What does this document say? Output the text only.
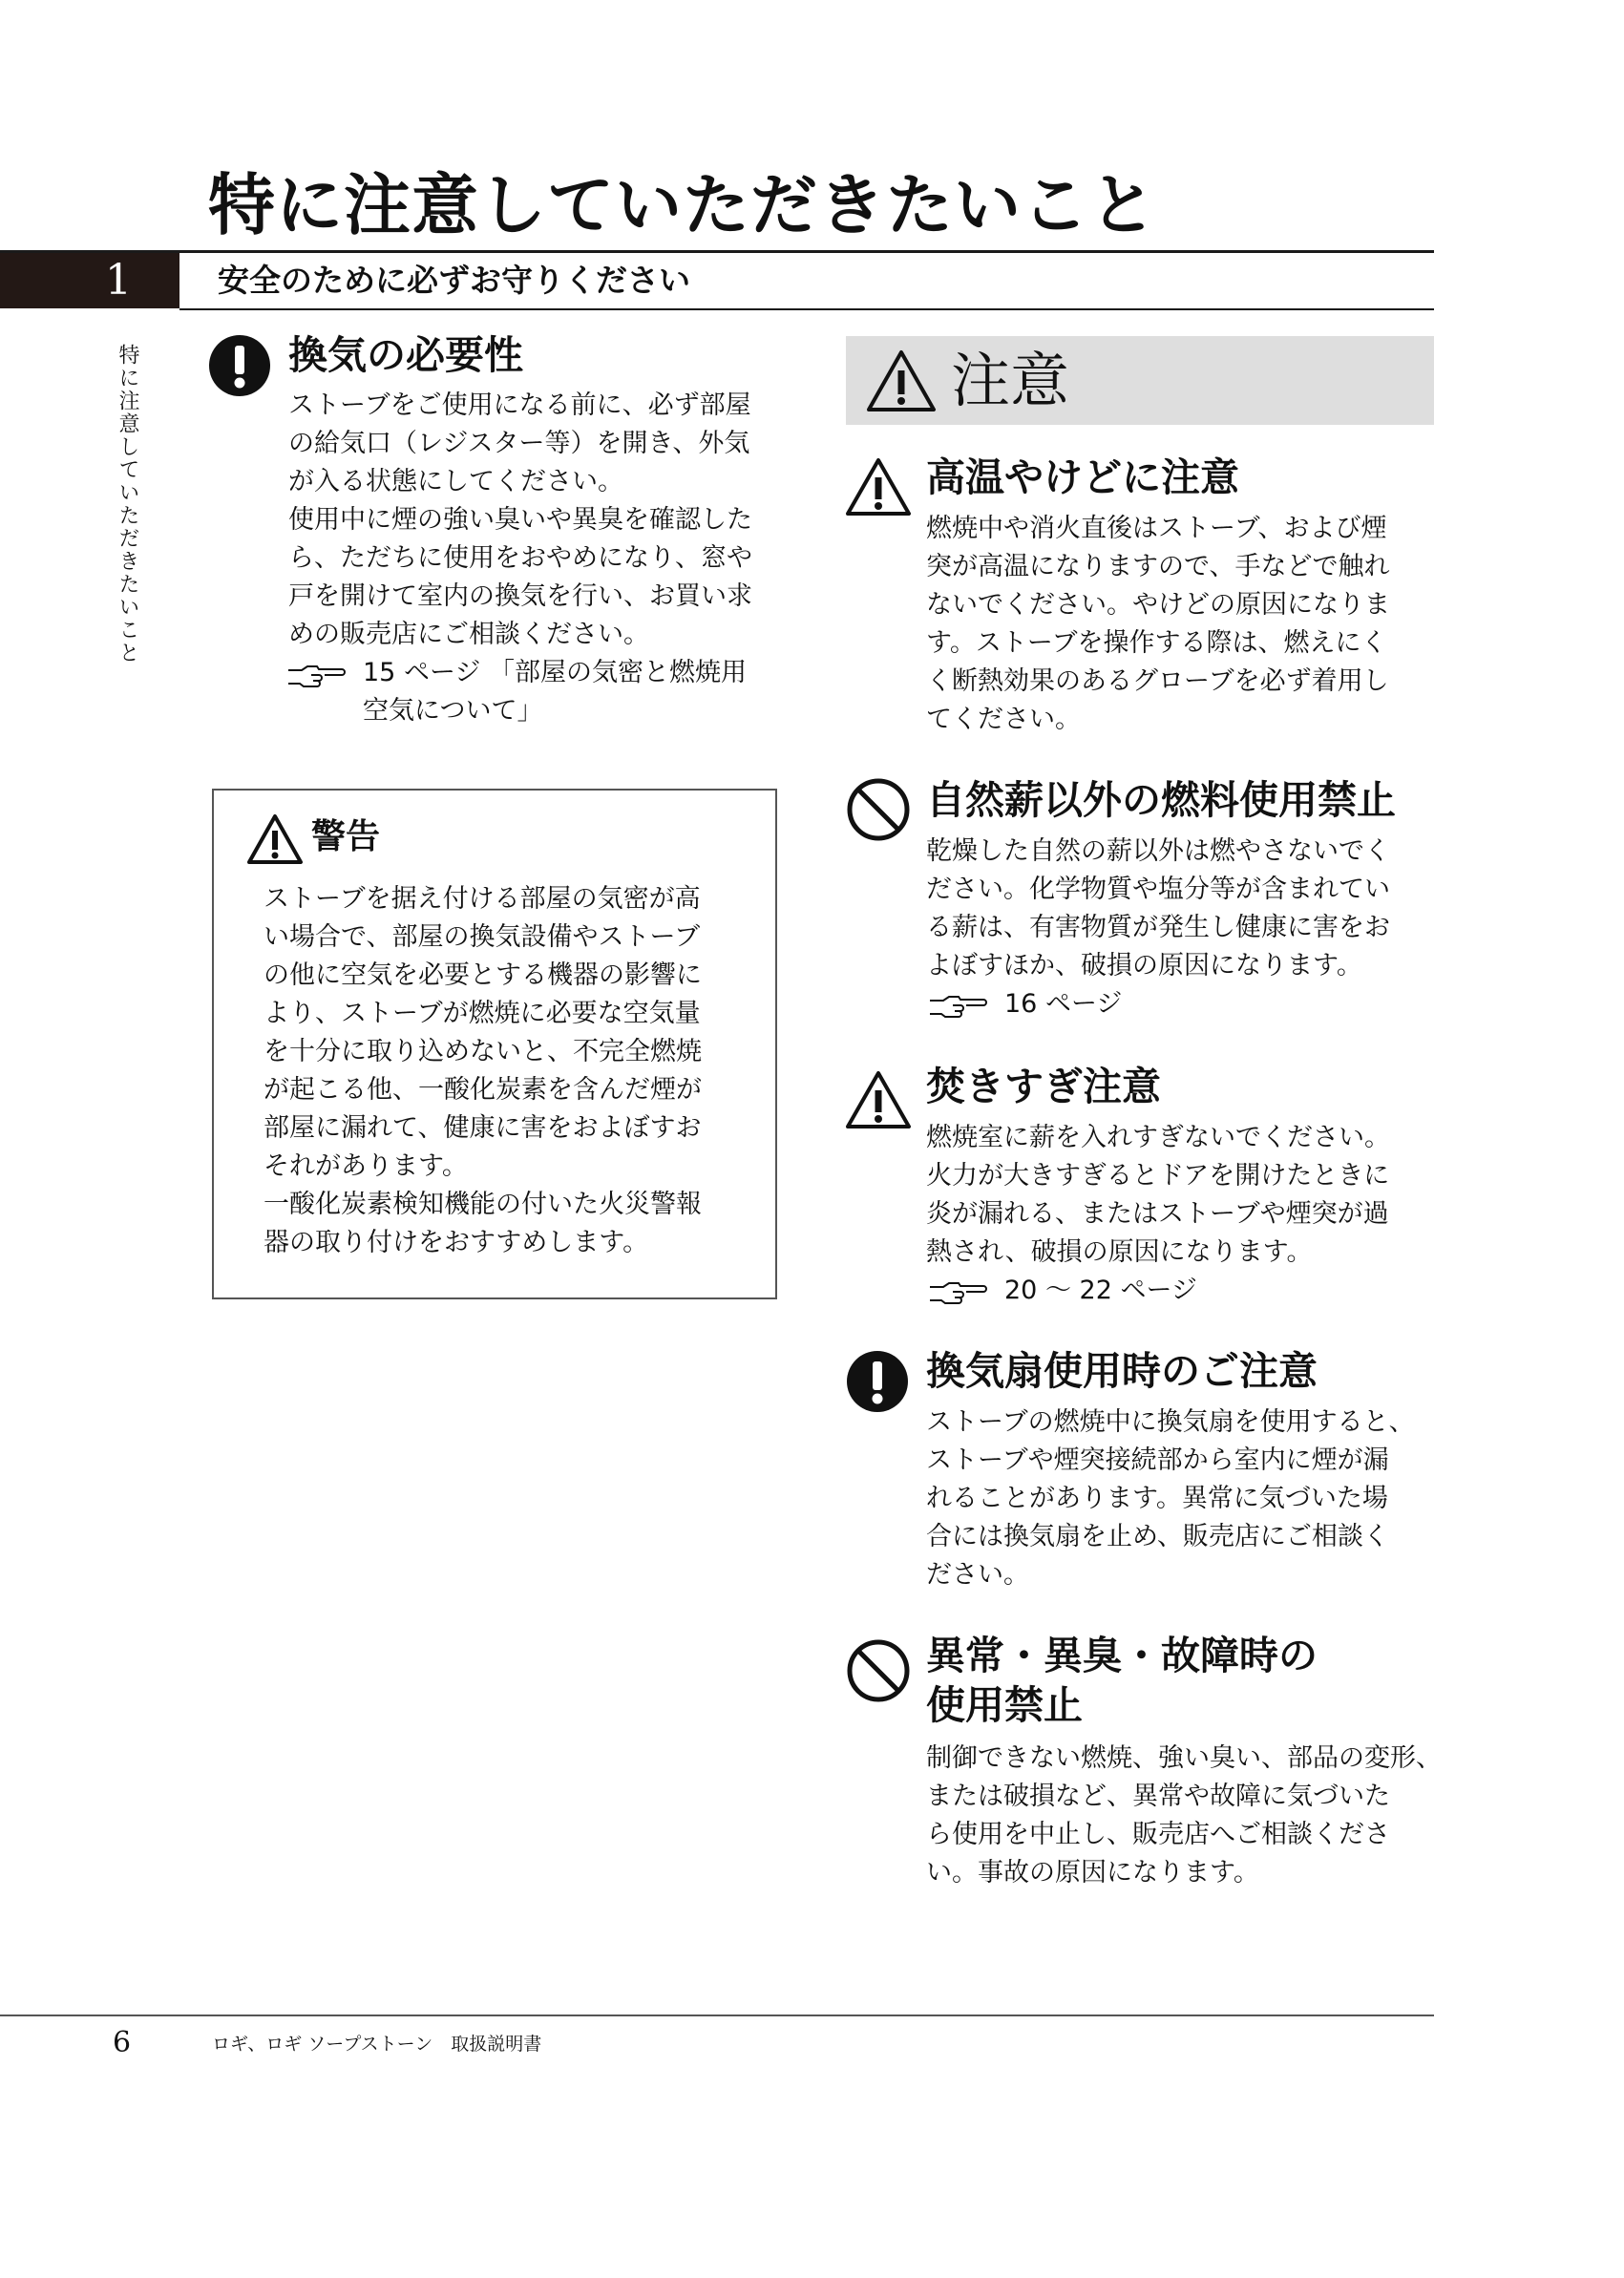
特に注意していただきたいこと
1	安全のために必ずお守りください
特に注意していただきたいこと	換気の必要性

ストーブをご使用になる前に、必ず部屋

の給気口（レジスター等）を開き、外気

が入る状態にしてください。

使用中に煙の強い臭いや異臭を確認した

ら、ただちに使用をおやめになり、窓や

戸を開けて室内の換気を行い、お買い求

めの販売店にご相談ください。

15 ページ 「部屋の気密と燃焼用
空気について」
警告

ストーブを据え付ける部屋の気密が高

い場合で、部屋の換気設備やストーブ

の他に空気を必要とする機器の影響に

より、ストーブが燃焼に必要な空気量

を十分に取り込めないと、不完全燃焼

が起こる他、一酸化炭素を含んだ煙が

部屋に漏れて、健康に害をおよぼすお

それがあります。

一酸化炭素検知機能の付いた火災警報

器の取り付けをおすすめします。

注意
高温やけどに注意

燃焼中や消火直後はストーブ、および煙

突が高温になりますので、手などで触れ

ないでください。やけどの原因になりま

す。ストーブを操作する際は、燃えにく

く断熱効果のあるグローブを必ず着用し

てください。

自然薪以外の燃料使用禁止

乾燥した自然の薪以外は燃やさないでく

ださい。化学物質や塩分等が含まれてい

る薪は、有害物質が発生し健康に害をお

よぼすほか、破損の原因になります。

16 ページ
焚きすぎ注意

燃焼室に薪を入れすぎないでください。

火力が大きすぎるとドアを開けたときに

炎が漏れる、またはストーブや煙突が過

熱され、破損の原因になります。

20 ～ 22 ページ
換気扇使用時のご注意

ストーブの燃焼中に換気扇を使用すると、

ストーブや煙突接続部から室内に煙が漏

れることがあります。異常に気づいた場

合には換気扇を止め、販売店にご相談く

ださい。

異常・異臭・故障時の
使用禁止

制御できない燃焼、強い臭い、部品の変形、

または破損など、異常や故障に気づいた

ら使用を中止し、販売店へご相談くださ

い。事故の原因になります。

6	ロギ、ロギ ソープストーン　取扱説明書
